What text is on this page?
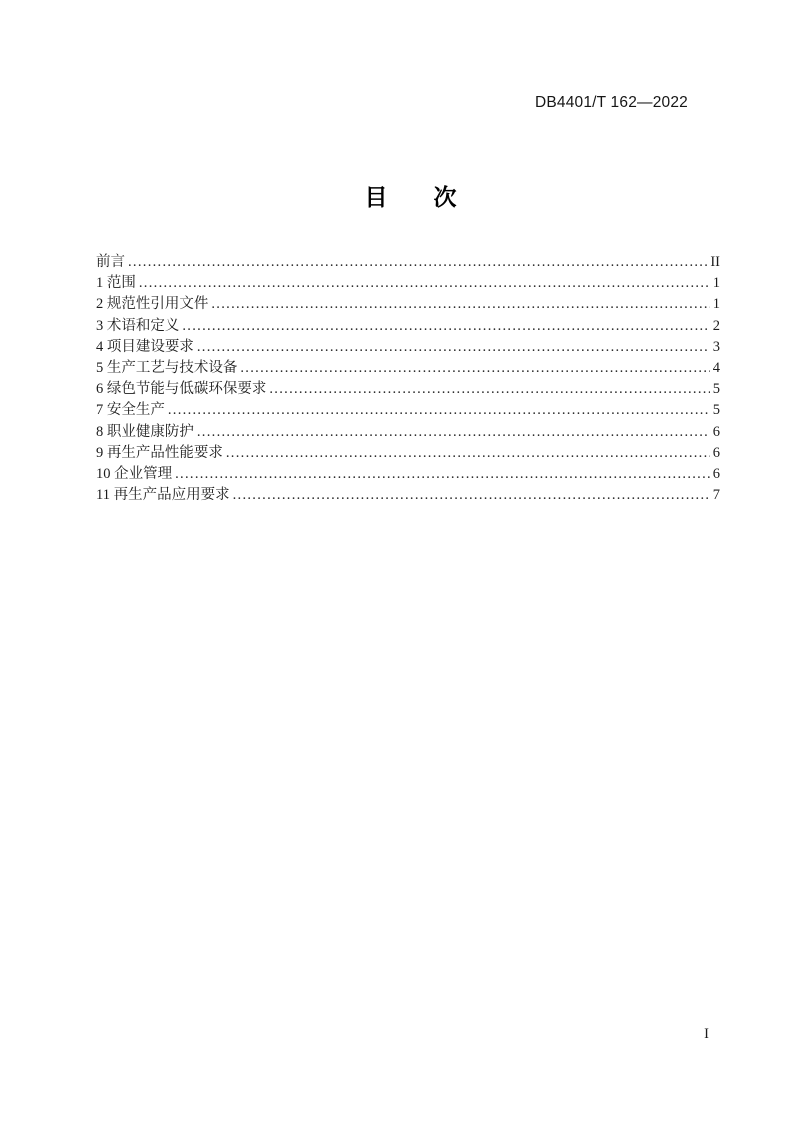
DB4401/T 162—2022
目　　次
前言 .....	II
1 范围 .....	1
2 规范性引用文件 .....	1
3 术语和定义 .....	2
4 项目建设要求 .....	3
5 生产工艺与技术设备 .....	4
6 绿色节能与低碳环保要求 .....	5
7 安全生产 .....	5
8 职业健康防护 .....	6
9 再生产品性能要求 .....	6
10 企业管理 .....	6
11 再生产品应用要求 .....	7
I
